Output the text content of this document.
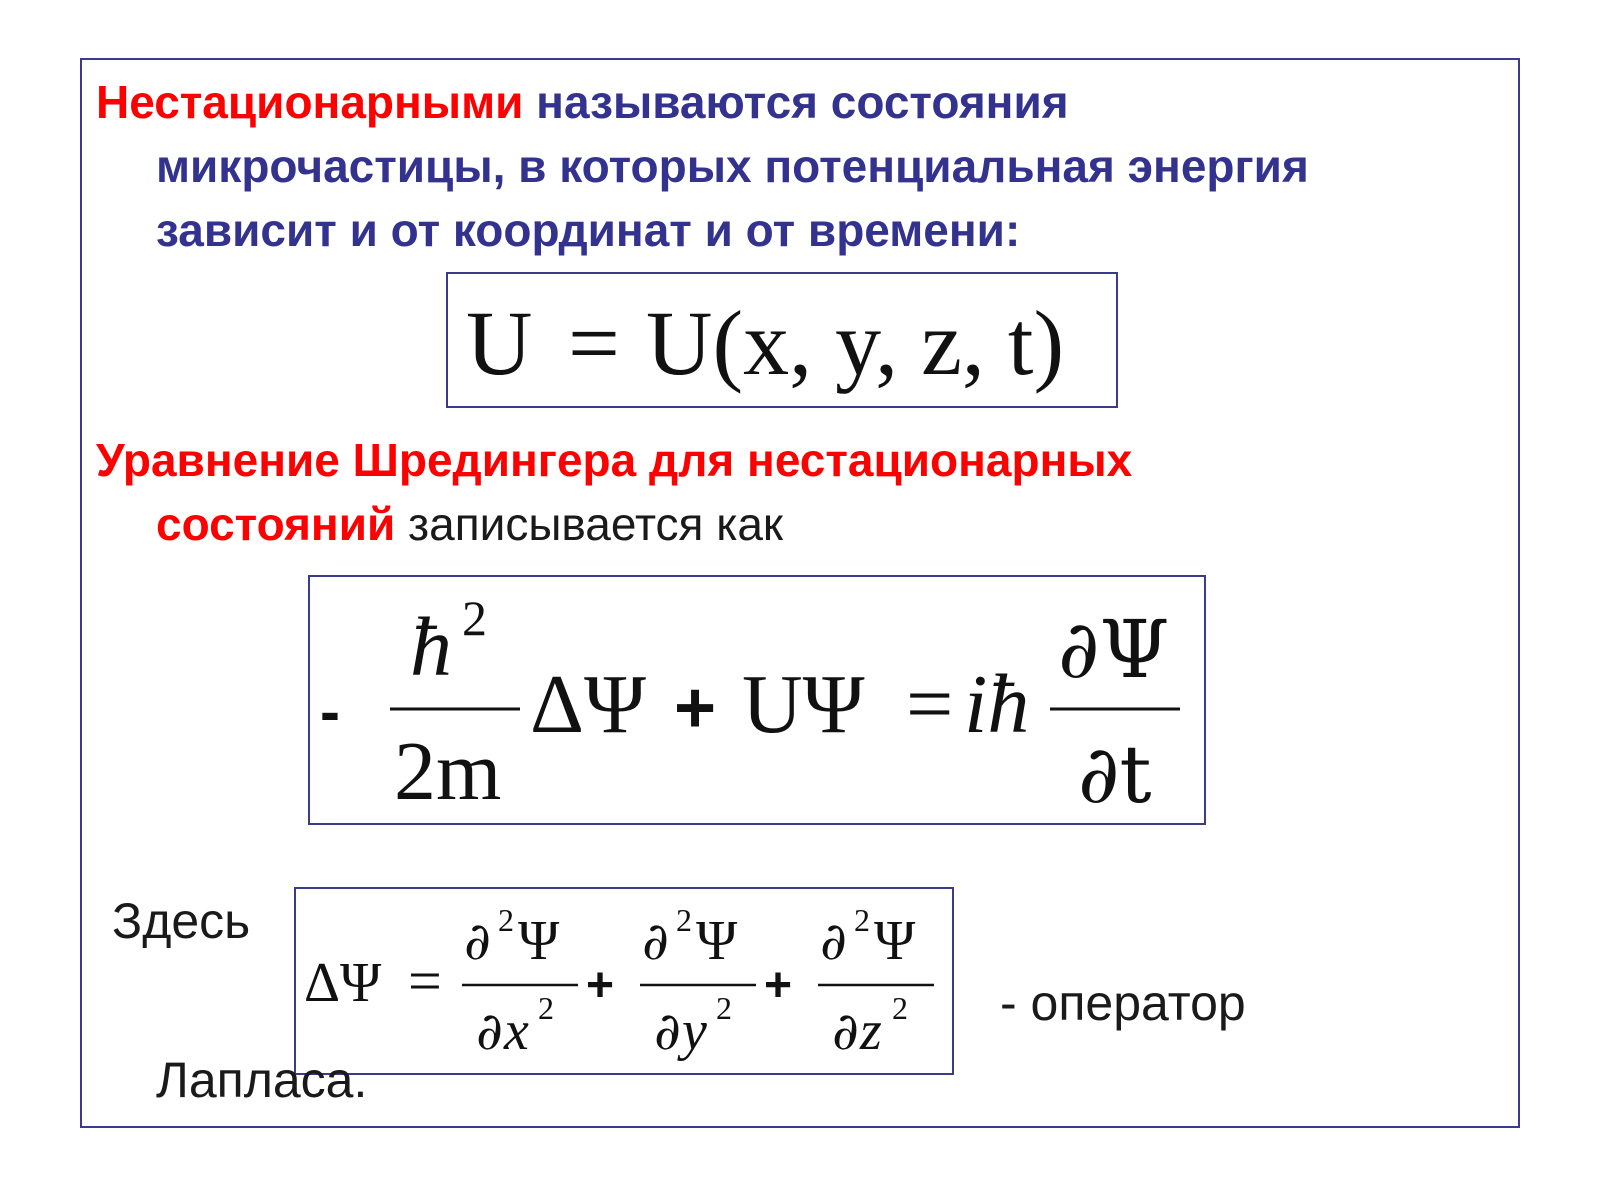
Нестационарными называются состояния
микрочастицы, в которых потенциальная энергия
зависит и от координат и от времени:

U = U(x, y, z, t)

Уравнение Шредингера для нестационарных
состояний записывается как

-
ħ 2
2m
ΔΨ + UΨ = iħ
∂Ψ
∂t

Здесь

ΔΨ =
∂ 2 Ψ
∂ x 2 +
∂ 2 Ψ
∂ y 2 +
∂ 2 Ψ
∂ z 2 - оператор

Лапласа.
